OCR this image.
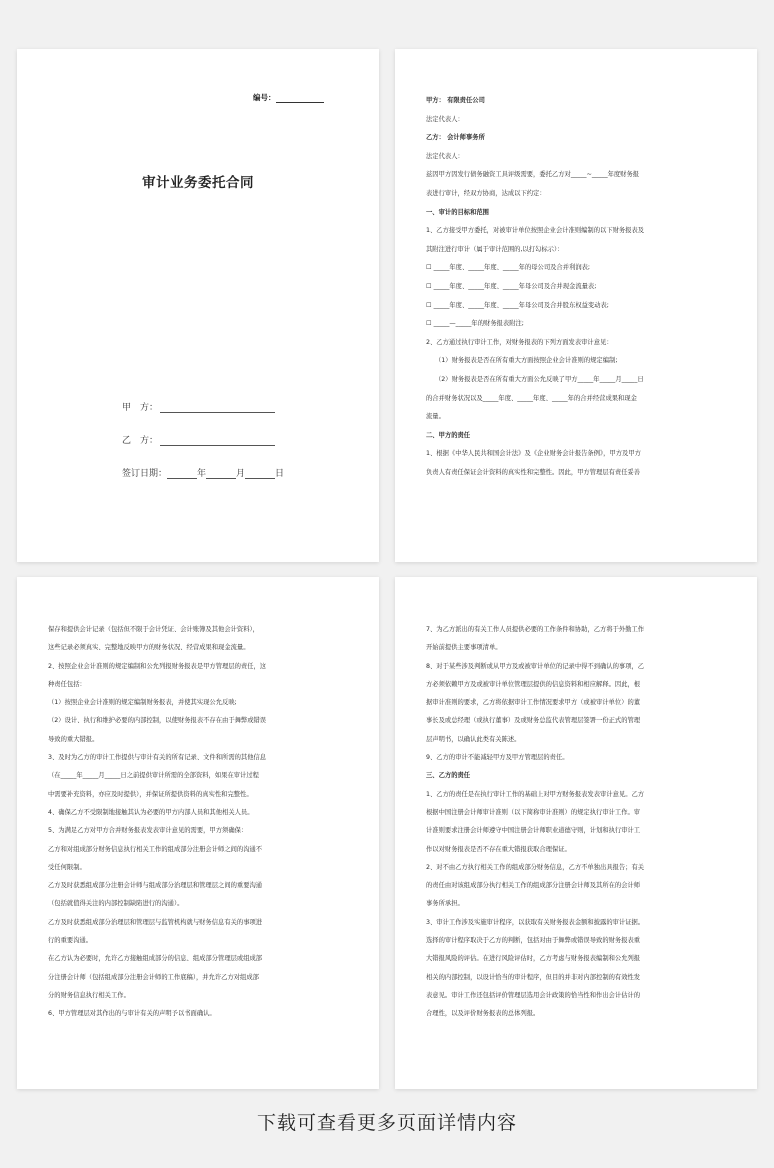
编号：
审计业务委托合同
甲　方：
乙　方：
签订日期：	年	月	日
甲方： 有限责任公司
法定代表人：
乙方： 会计师事务所
法定代表人：
兹因甲方因发行债务融资工具评级需要，委托乙方对_____~_____年度财务报
表进行审计，经双方协商，达成以下约定：
一、审计的目标和范围
1、乙方接受甲方委托，对被审计单位按照企业会计准则编制的以下财务报表及
其附注进行审计（属于审计范围的,以打勾标示）：
☐ _____年度、_____年度、_____年的母公司及合并利润表;
☐ _____年度、_____年度、_____年母公司及合并现金流量表;
☐ _____年度、_____年度、_____年母公司及合并股东权益变动表;
☐ _____—_____年的财务报表附注;
2、乙方通过执行审计工作，对财务报表的下列方面发表审计意见：
（1）财务报表是否在所有重大方面按照企业会计准则的规定编制;
（2）财务报表是否在所有重大方面公允反映了甲方_____年_____月_____日
的合并财务状况以及_____年度、_____年度、_____年的合并经营成果和现金
流量。
二、甲方的责任
1、根据《中华人民共和国会计法》及《企业财务会计报告条例》，甲方及甲方
负责人有责任保证会计资料的真实性和完整性。因此，甲方管理层有责任妥善
保存和提供会计记录（包括但不限于会计凭证、会计账簿及其他会计资料），
这些记录必须真实、完整地反映甲方的财务状况、经营成果和现金流量。
2、按照企业会计准则的规定编制和公允列报财务报表是甲方管理层的责任，这
种责任包括：
（1）按照企业会计准则的规定编制财务报表，并使其实现公允反映;
（2）设计、执行和维护必要的内部控制，以使财务报表不存在由于舞弊或错误
导致的重大错报。
3、及时为乙方的审计工作提供与审计有关的所有记录、文件和所需的其他信息
（在_____年_____月_____日之前提供审计所需的全部资料，如果在审计过程
中需要补充资料，亦应及时提供），并保证所提供资料的真实性和完整性。
4、确保乙方不受限制地接触其认为必要的甲方内部人员和其他相关人员。
5、为满足乙方对甲方合并财务报表发表审计意见的需要，甲方须确保：
乙方和对组成部分财务信息执行相关工作的组成部分注册会计师之间的沟通不
受任何限制。
乙方及时获悉组成部分注册会计师与组成部分治理层和管理层之间的重要沟通
（包括就值得关注的内部控制缺陷进行的沟通）。
乙方及时获悉组成部分治理层和管理层与监管机构就与财务信息有关的事项进
行的重要沟通。
在乙方认为必要时，允许乙方接触组成部分的信息、组成部分管理层或组成部
分注册会计师（包括组成部分注册会计师的工作底稿），并允许乙方对组成部
分的财务信息执行相关工作。
6、甲方管理层对其作出的与审计有关的声明予以书面确认。
7、为乙方派出的有关工作人员提供必要的工作条件和协助，乙方将于外勤工作
开始前提供主要事项清单。
8、对于某些涉及判断或从甲方及或被审计单位的记录中得不到确认的事项，乙
方必须依赖甲方及或被审计单位管理层提供的信息资料和相应解释。因此，根
据审计准则的要求，乙方将依据审计工作情况要求甲方（或被审计单位）的董
事长及或总经理（或执行董事）及或财务总监代表管理层签署一份正式的管理
层声明书，以确认此类有关陈述。
9、乙方的审计不能减轻甲方及甲方管理层的责任。
三、乙方的责任
1、乙方的责任是在执行审计工作的基础上对甲方财务报表发表审计意见。乙方
根据中国注册会计师审计准则（以下简称审计准则）的规定执行审计工作。审
计准则要求注册会计师遵守中国注册会计师职业道德守则，计划和执行审计工
作以对财务报表是否不存在重大错报获取合理保证。
2、对不由乙方执行相关工作的组成部分财务信息，乙方不单独出具报告；有关
的责任由对该组成部分执行相关工作的组成部分注册会计师及其所在的会计师
事务所承担。
3、审计工作涉及实施审计程序，以获取有关财务报表金额和披露的审计证据。
选择的审计程序取决于乙方的判断，包括对由于舞弊或错误导致的财务报表重
大错报风险的评估。在进行风险评估时，乙方考虑与财务报表编制和公允列报
相关的内部控制，以设计恰当的审计程序，但目的并非对内部控制的有效性发
表意见。审计工作还包括评价管理层选用会计政策的恰当性和作出会计估计的
合理性，以及评价财务报表的总体列报。
下载可查看更多页面详情内容
